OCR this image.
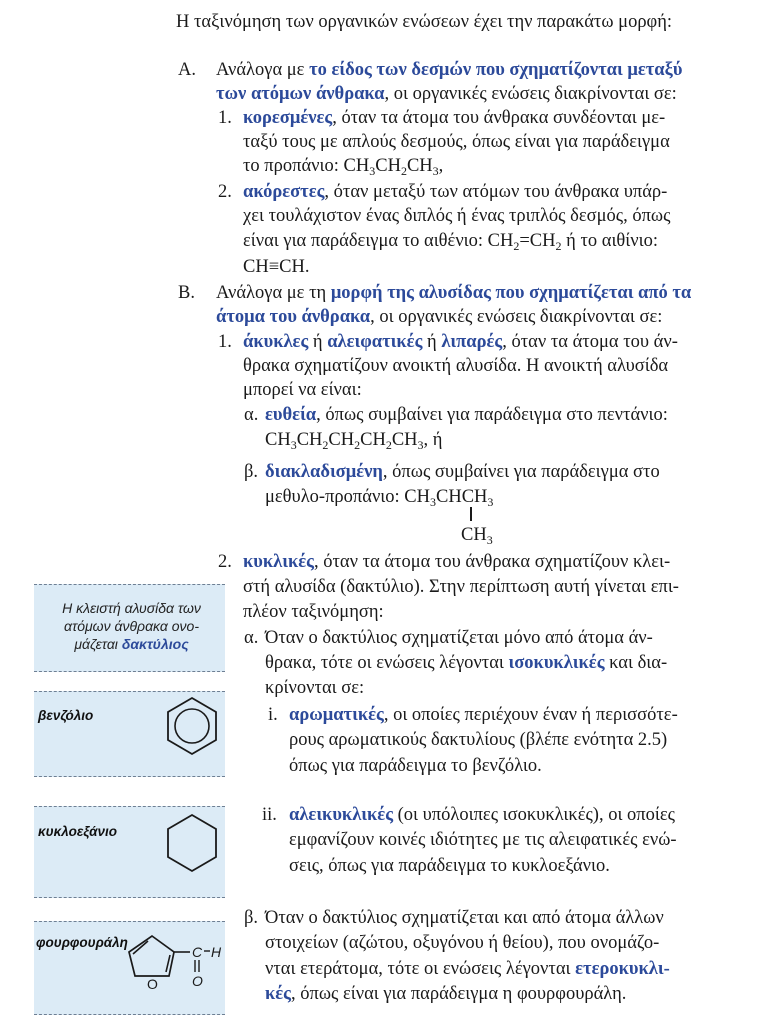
Η ταξινόμηση των οργανικών ενώσεων έχει την παρακάτω μορφή:
Α. Ανάλογα με το είδος των δεσμών που σχηματίζονται μεταξύ
των ατόμων άνθρακα, οι οργανικές ενώσεις διακρίνονται σε:
1. κορεσμένες, όταν τα άτομα του άνθρακα συνδέονται με-
ταξύ τους με απλούς δεσμούς, όπως είναι για παράδειγμα
το προπάνιο: $CH_3CH_2CH_3$,
2. ακόρεστες, όταν μεταξύ των ατόμων του άνθρακα υπάρ-
χει τουλάχιστον ένας διπλός ή ένας τριπλός δεσμός, όπως
είναι για παράδειγμα το αιθένιο: $CH_2=CH_2$ ή το αιθίνιο:
CH≡CH.
Β. Ανάλογα με τη μορφή της αλυσίδας που σχηματίζεται από τα
άτομα του άνθρακα, οι οργανικές ενώσεις διακρίνονται σε:
1. άκυκλες ή αλειφατικές ή λιπαρές, όταν τα άτομα του άν-
θρακα σχηματίζουν ανοικτή αλυσίδα. Η ανοικτή αλυσίδα
μπορεί να είναι:
α. ευθεία, όπως συμβαίνει για παράδειγμα στο πεντάνιο:
$CH_3CH_2CH_2CH_2CH_3$, ή
β. διακλαδισμένη, όπως συμβαίνει για παράδειγμα στο
μεθυλο-προπάνιο: $CH_3CHCH_3$
$CH_3$
2. κυκλικές, όταν τα άτομα του άνθρακα σχηματίζουν κλει-
στή αλυσίδα (δακτύλιο). Στην περίπτωση αυτή γίνεται επι-
πλέον ταξινόμηση:
α. Όταν ο δακτύλιος σχηματίζεται μόνο από άτομα άν-
θρακα, τότε οι ενώσεις λέγονται ισοκυκλικές και δια-
κρίνονται σε:
i. αρωματικές, οι οποίες περιέχουν έναν ή περισσότε-
ρους αρωματικούς δακτυλίους (βλέπε ενότητα 2.5)
όπως για παράδειγμα το βενζόλιο.
ii. αλεικυκλικές (οι υπόλοιπες ισοκυκλικές), οι οποίες
εμφανίζουν κοινές ιδιότητες με τις αλειφατικές ενώ-
σεις, όπως για παράδειγμα το κυκλοεξάνιο.
β. Όταν ο δακτύλιος σχηματίζεται και από άτομα άλλων
στοιχείων (αζώτου, οξυγόνου ή θείου), που ονομάζο-
νται ετεράτομα, τότε οι ενώσεις λέγονται ετεροκυκλι-
κές, όπως είναι για παράδειγμα η φουρφουράλη.
Η κλειστή αλυσίδα των
ατόμων άνθρακα ονο-
μάζεται δακτύλιος
βενζόλιο
κυκλοεξάνιο
φουρφουράλη
O
C H
O
